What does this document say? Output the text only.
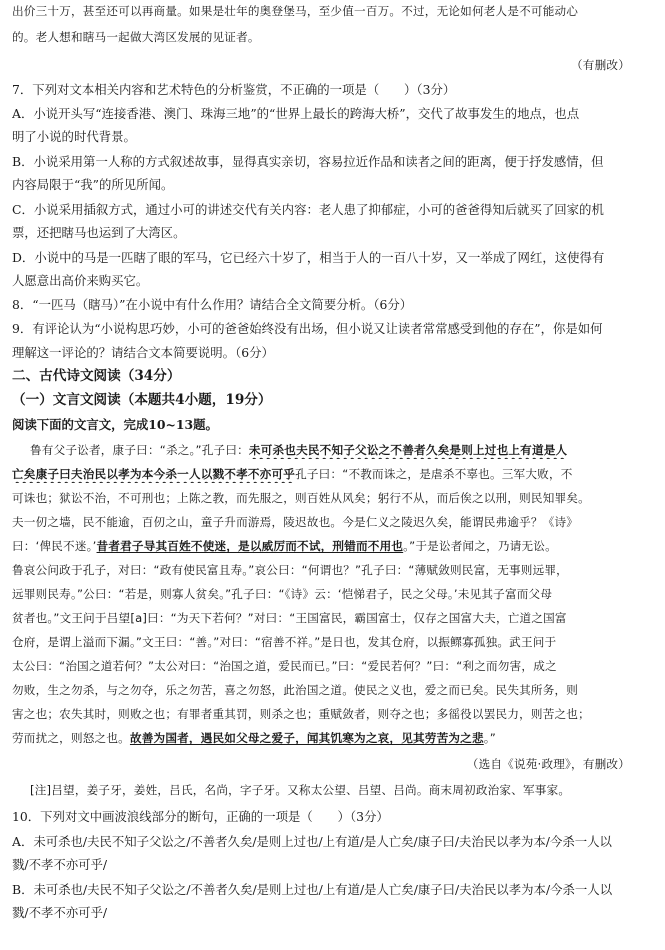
出价三十万，甚至还可以再商量。如果是壮年的奥登堡马，至少值一百万。不过，无论如何老人是不可能动心
的。老人想和瞎马一起做大湾区发展的见证者。
（有删改）
7．下列对文本相关内容和艺术特色的分析鉴赏，不正确的一项是（　　）（3分）
A．小说开头写“连接香港、澳门、珠海三地”的“世界上最长的跨海大桥”，交代了故事发生的地点，也点
明了小说的时代背景。
B．小说采用第一人称的方式叙述故事，显得真实亲切，容易拉近作品和读者之间的距离，便于抒发感情，但
内容局限于“我”的所见所闻。
C．小说采用插叙方式，通过小可的讲述交代有关内容：老人患了抑郁症，小可的爸爸得知后就买了回家的机
票，还把瞎马也运到了大湾区。
D．小说中的马是一匹瞎了眼的军马，它已经六十岁了，相当于人的一百八十岁，又一举成了网红，这使得有
人愿意出高价来购买它。
8．“一匹马（瞎马）”在小说中有什么作用？请结合全文简要分析。（6分）
9．有评论认为“小说构思巧妙，小可的爸爸始终没有出场，但小说又让读者常常感受到他的存在”，你是如何
理解这一评论的？请结合文本简要说明。（6分）
二、古代诗文阅读（34分）
（一）文言文阅读（本题共4小题，19分）
阅读下面的文言文，完成10~13题。
鲁有父子讼者，康子曰：“杀之。”孔子曰：未可杀也夫民不知子父讼之不善者久矣是则上过也上有道是人
亡矣康子曰夫治民以孝为本今杀一人以戮不孝不亦可乎孔子曰：“不教而诛之，是虐杀不辜也。三军大败，不
可诛也；狱讼不治，不可刑也；上陈之教，而先服之，则百姓从风矣；躬行不从，而后俟之以刑，则民知罪矣。
夫一仞之墙，民不能逾，百仞之山，童子升而游焉，陵迟故也。今是仁义之陵迟久矣，能谓民弗逾乎？《诗》
曰：‘俾民不迷。’昔者君子导其百姓不使迷，是以威厉而不试，刑错而不用也。”于是讼者闻之，乃请无讼。
鲁哀公问政于孔子，对曰：“政有使民富且寿。”哀公曰：“何谓也？”孔子曰：“薄赋敛则民富，无事则远罪，
远罪则民寿。”公曰：“若是，则寡人贫矣。”孔子曰：“《诗》云：‘恺悌君子，民之父母。’未见其子富而父母
贫者也。”文王问于吕望[a]曰：“为天下若何？”对曰：“王国富民，霸国富士，仅存之国富大夫，亡道之国富
仓府，是谓上溢而下漏。”文王曰：“善。”对曰：“宿善不祥。”是日也，发其仓府，以振鳏寡孤独。武王问于
太公曰：“治国之道若何？”太公对曰：“治国之道，爱民而已。”曰：“爱民若何？”曰：“利之而勿害，成之
勿败，生之勿杀，与之勿夺，乐之勿苦，喜之勿怒，此治国之道。使民之义也，爱之而已矣。民失其所务，则
害之也；农失其时，则败之也；有罪者重其罚，则杀之也；重赋敛者，则夺之也；多徭役以罢民力，则苦之也；
劳而扰之，则怒之也。故善为国者，遇民如父母之爱子，闻其饥寒为之哀，见其劳苦为之悲。”
（选自《说苑·政理》，有删改）
[注]吕望，姜子牙，姜姓，吕氏，名尚，字子牙。又称太公望、吕望、吕尚。商末周初政治家、军事家。
10．下列对文中画波浪线部分的断句，正确的一项是（　　）（3分）
A．未可杀也/夫民不知子父讼之/不善者久矣/是则上过也/上有道/是人亡矣/康子曰/夫治民以孝为本/今杀一人以
戮/不孝不亦可乎/
B．未可杀也/夫民不知子父讼之/不善者久矣/是则上过也/上有道/是人亡矣/康子曰/夫治民以孝为本/今杀一人以
戮/不孝不亦可乎/
